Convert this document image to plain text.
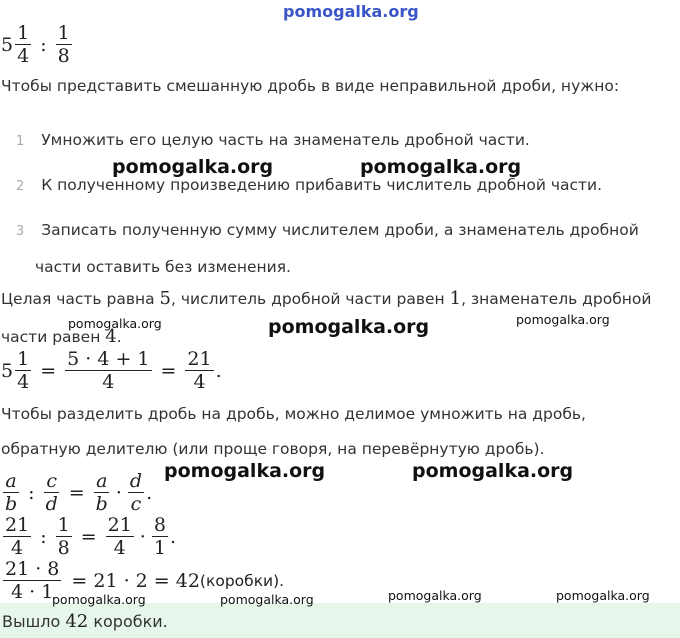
pomogalka.org
$5 \frac{1}{4}$ : $\frac{1}{8}$
Чтобы представить смешанную дробь в виде неправильной дроби, нужно:
1 Умножить его целую часть на знаменатель дробной части.
2 К полученному произведению прибавить числитель дробной части.
3 Записать полученную сумму числителем дроби, а знаменатель дробной
части оставить без изменения.
Целая часть равна 5, числитель дробной части равен 1, знаменатель дробной
части равен 4.
$5 \frac{1}{4} = \frac{5 \cdot 4 + 1}{4} = \frac{21}{4}$ .
Чтобы разделить дробь на дробь, можно делимое умножить на дробь,
обратную делителю (или проще говоря, на перевёрнутую дробь).
$\frac{a}{b}$ : $\frac{c}{d} = \frac{a}{b} \cdot \frac{d}{c}$ .
$\frac{21}{4}$ : $\frac{1}{8} = \frac{21}{4} \cdot \frac{8}{1}$ .
$\frac{21 \cdot 8}{4 \cdot 1} = 21 \cdot 2 = 42$ (коробки).
Вышло 42 коробки.
pomogalka.org	pomogalka.org
pomogalka.org	pomogalka.org	pomogalka.org
pomogalka.org	pomogalka.org
pomogalka.org	pomogalka.org	pomogalka.org	pomogalka.org
